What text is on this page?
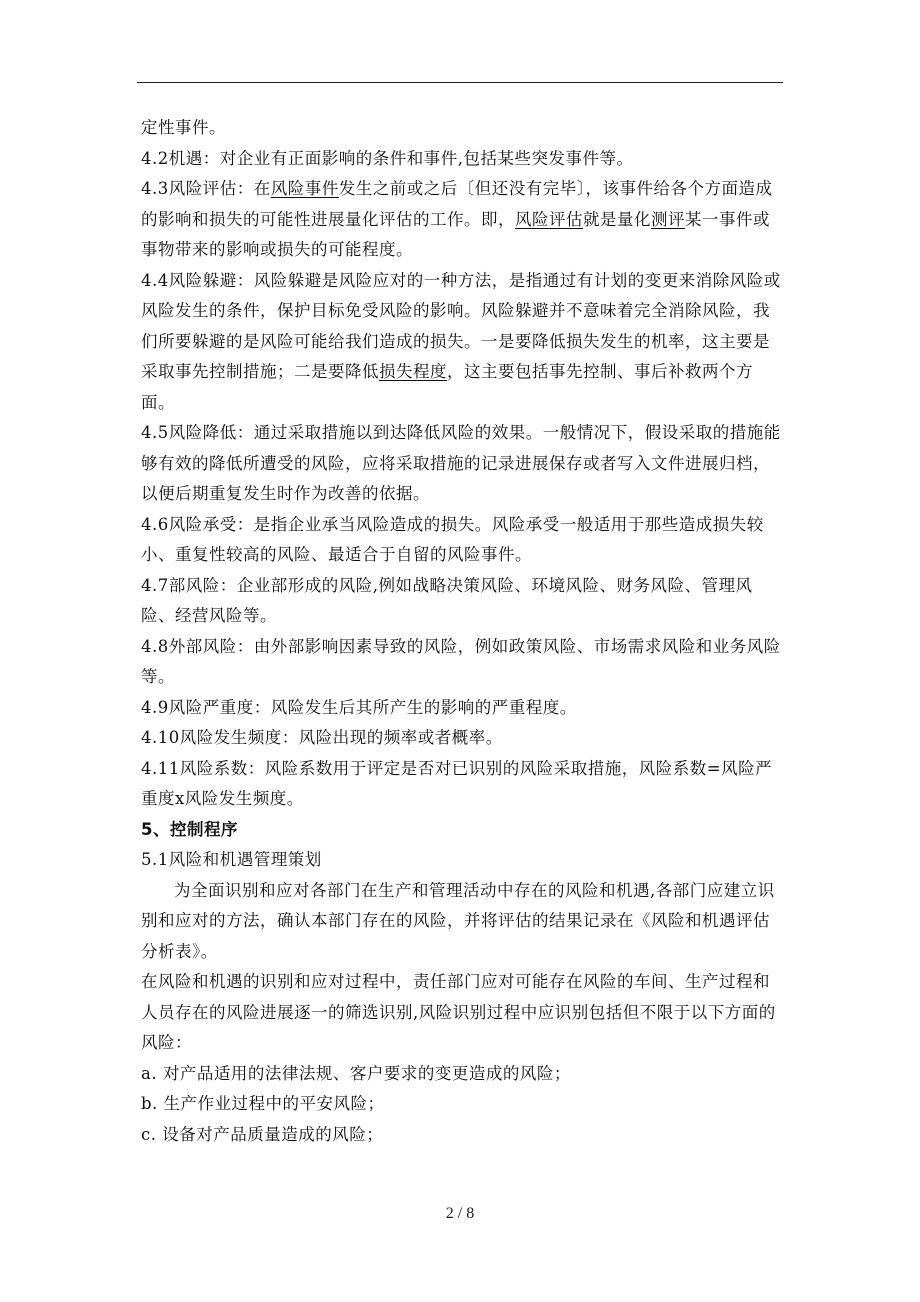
定性事件。

4.2机遇：对企业有正面影响的条件和事件,包括某些突发事件等。

4.3风险评估：在风险事件发生之前或之后〔但还没有完毕〕，该事件给各个方面造成的影响和损失的可能性进展量化评估的工作。即，风险评估就是量化测评某一事件或事物带来的影响或损失的可能程度。

4.4风险躲避：风险躲避是风险应对的一种方法，是指通过有计划的变更来消除风险或风险发生的条件，保护目标免受风险的影响。风险躲避并不意味着完全消除风险，我们所要躲避的是风险可能给我们造成的损失。一是要降低损失发生的机率，这主要是采取事先控制措施；二是要降低损失程度，这主要包括事先控制、事后补救两个方面。

4.5风险降低：通过采取措施以到达降低风险的效果。一般情况下，假设采取的措施能够有效的降低所遭受的风险，应将采取措施的记录进展保存或者写入文件进展归档，以便后期重复发生时作为改善的依据。

4.6风险承受：是指企业承当风险造成的损失。风险承受一般适用于那些造成损失较小、重复性较高的风险、最适合于自留的风险事件。

4.7部风险：企业部形成的风险,例如战略决策风险、环境风险、财务风险、管理风险、经营风险等。

4.8外部风险：由外部影响因素导致的风险，例如政策风险、市场需求风险和业务风险等。

4.9风险严重度：风险发生后其所产生的影响的严重程度。

4.10风险发生频度：风险出现的频率或者概率。

4.11风险系数：风险系数用于评定是否对已识别的风险采取措施，风险系数=风险严重度x风险发生频度。

5、控制程序

5.1风险和机遇管理策划

为全面识别和应对各部门在生产和管理活动中存在的风险和机遇,各部门应建立识别和应对的方法，确认本部门存在的风险，并将评估的结果记录在《风险和机遇评估分析表》。

在风险和机遇的识别和应对过程中，责任部门应对可能存在风险的车间、生产过程和人员存在的风险进展逐一的筛选识别,风险识别过程中应识别包括但不限于以下方面的风险：

a. 对产品适用的法律法规、客户要求的变更造成的风险；

b. 生产作业过程中的平安风险；

c. 设备对产品质量造成的风险；

2 / 8
